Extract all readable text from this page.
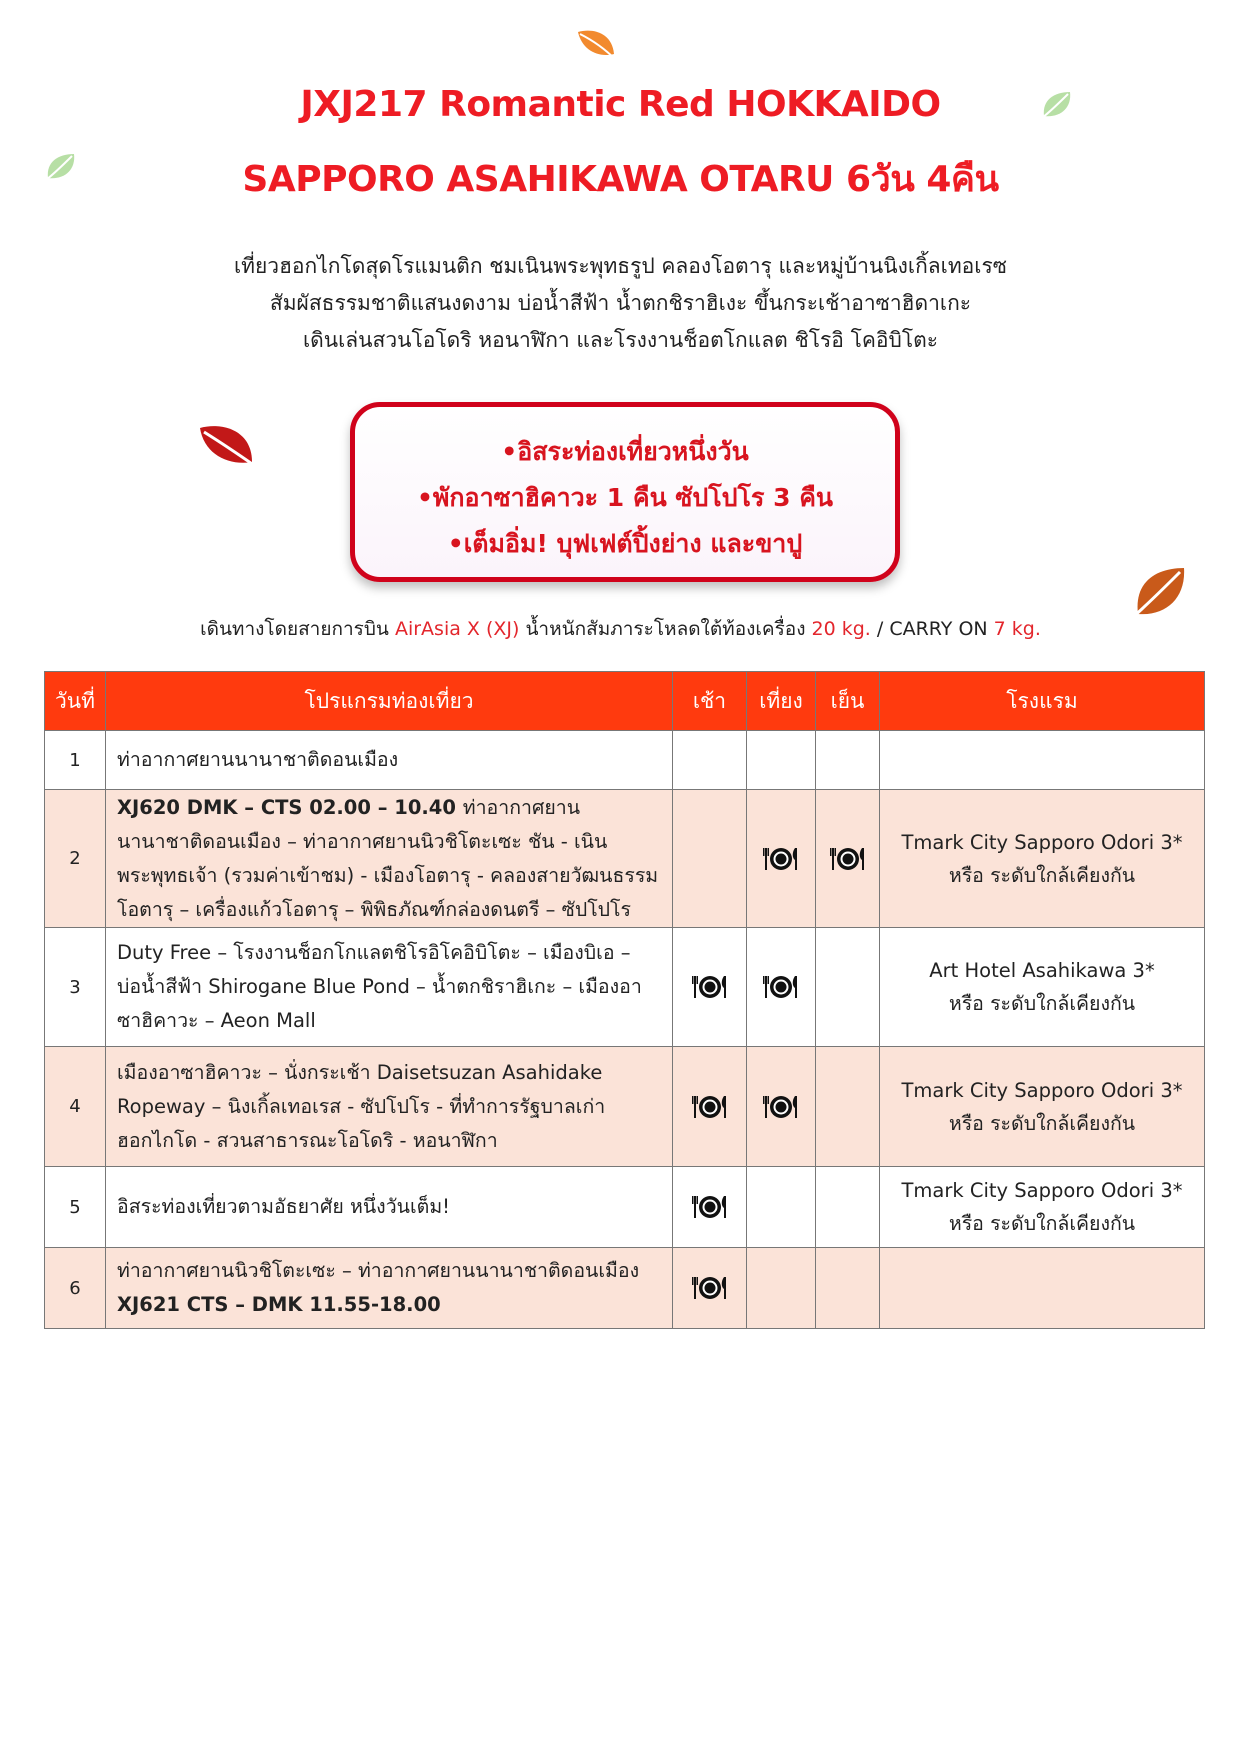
JXJ217 Romantic Red HOKKAIDO
SAPPORO ASAHIKAWA OTARU 6วัน 4คืน
เที่ยวฮอกไกโดสุดโรแมนติก ชมเนินพระพุทธรูป คลองโอตารุ และหมู่บ้านนิงเกิ้ลเทอเรซ
สัมผัสธรรมชาติแสนงดงาม บ่อน้ำสีฟ้า น้ำตกชิราฮิเงะ ขึ้นกระเช้าอาซาฮิดาเกะ
เดินเล่นสวนโอโดริ หอนาฬิกา และโรงงานช็อตโกแลต ชิโรอิ โคอิบิโตะ
•อิสระท่องเที่ยวหนึ่งวัน
•พักอาซาฮิคาวะ 1 คืน ซัปโปโร 3 คืน
•เต็มอิ่ม! บุฟเฟต์ปิ้งย่าง และขาปู
เดินทางโดยสายการบิน AirAsia X (XJ) น้ำหนักสัมภาระโหลดใต้ท้องเครื่อง 20 kg. / CARRY ON 7 kg.
วันที่	โปรแกรมท่องเที่ยว	เช้า	เที่ยง	เย็น	โรงแรม
1	ท่าอากาศยานนานาชาติดอนเมือง				
2	XJ620 DMK – CTS 02.00 – 10.40 ท่าอากาศยานนานาชาติดอนเมือง – ท่าอากาศยานนิวชิโตะเซะ ชัน - เนินพระพุทธเจ้า (รวมค่าเข้าชม) - เมืองโอตารุ - คลองสายวัฒนธรรมโอตารุ – เครื่องแก้วโอตารุ – พิพิธภัณฑ์กล่องดนตรี – ซัปโปโร				Tmark City Sapporo Odori 3*
หรือ ระดับใกล้เคียงกัน

3	Duty Free – โรงงานช็อกโกแลตชิโรอิโคอิบิโตะ – เมืองบิเอ – บ่อน้ำสีฟ้า Shirogane Blue Pond – น้ำตกชิราฮิเกะ – เมืองอาซาฮิคาวะ – Aeon Mall				Art Hotel Asahikawa 3*
หรือ ระดับใกล้เคียงกัน

4	เมืองอาซาฮิคาวะ – นั่งกระเช้า Daisetsuzan Asahidake Ropeway – นิงเกิ้ลเทอเรส - ซัปโปโร - ที่ทำการรัฐบาลเก่าฮอกไกโด - สวนสาธารณะโอโดริ - หอนาฬิกา				Tmark City Sapporo Odori 3*
หรือ ระดับใกล้เคียงกัน

5	อิสระท่องเที่ยวตามอัธยาศัย หนึ่งวันเต็ม!				Tmark City Sapporo Odori 3*
หรือ ระดับใกล้เคียงกัน

6	ท่าอากาศยานนิวชิโตะเซะ – ท่าอากาศยานนานาชาติดอนเมือง
XJ621 CTS – DMK 11.55-18.00
